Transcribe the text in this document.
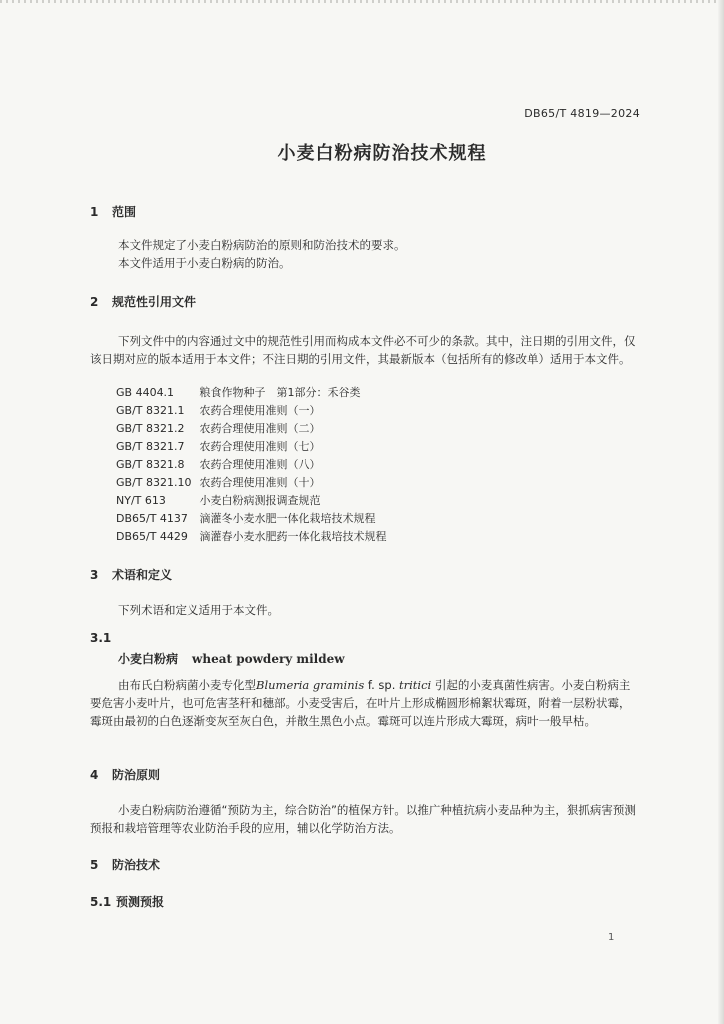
DB65/T 4819—2024
小麦白粉病防治技术规程
1 范围
本文件规定了小麦白粉病防治的原则和防治技术的要求。
本文件适用于小麦白粉病的防治。
2 规范性引用文件
下列文件中的内容通过文中的规范性引用而构成本文件必不可少的条款。其中，注日期的引用文件，仅该日期对应的版本适用于本文件；不注日期的引用文件，其最新版本（包括所有的修改单）适用于本文件。
GB 4404.1 粮食作物种子　第1部分：禾谷类
GB/T 8321.1 农药合理使用准则（一）
GB/T 8321.2 农药合理使用准则（二）
GB/T 8321.7 农药合理使用准则（七）
GB/T 8321.8 农药合理使用准则（八）
GB/T 8321.10 农药合理使用准则（十）
NY/T 613	小麦白粉病测报调查规范
DB65/T 4137 滴灌冬小麦水肥一体化栽培技术规程
DB65/T 4429 滴灌春小麦水肥药一体化栽培技术规程
3 术语和定义
下列术语和定义适用于本文件。
3.1
小麦白粉病 wheat powdery mildew
由布氏白粉病菌小麦专化型Blumeria graminis f. sp. tritici 引起的小麦真菌性病害。小麦白粉病主要危害小麦叶片，也可危害茎秆和穗部。小麦受害后，在叶片上形成椭圆形棉絮状霉斑，附着一层粉状霉，霉斑由最初的白色逐渐变灰至灰白色，并散生黑色小点。霉斑可以连片形成大霉斑，病叶一般早枯。
4 防治原则
小麦白粉病防治遵循“预防为主，综合防治”的植保方针。以推广种植抗病小麦品种为主，狠抓病害预测预报和栽培管理等农业防治手段的应用，辅以化学防治方法。
5 防治技术
5.1 预测预报
1
